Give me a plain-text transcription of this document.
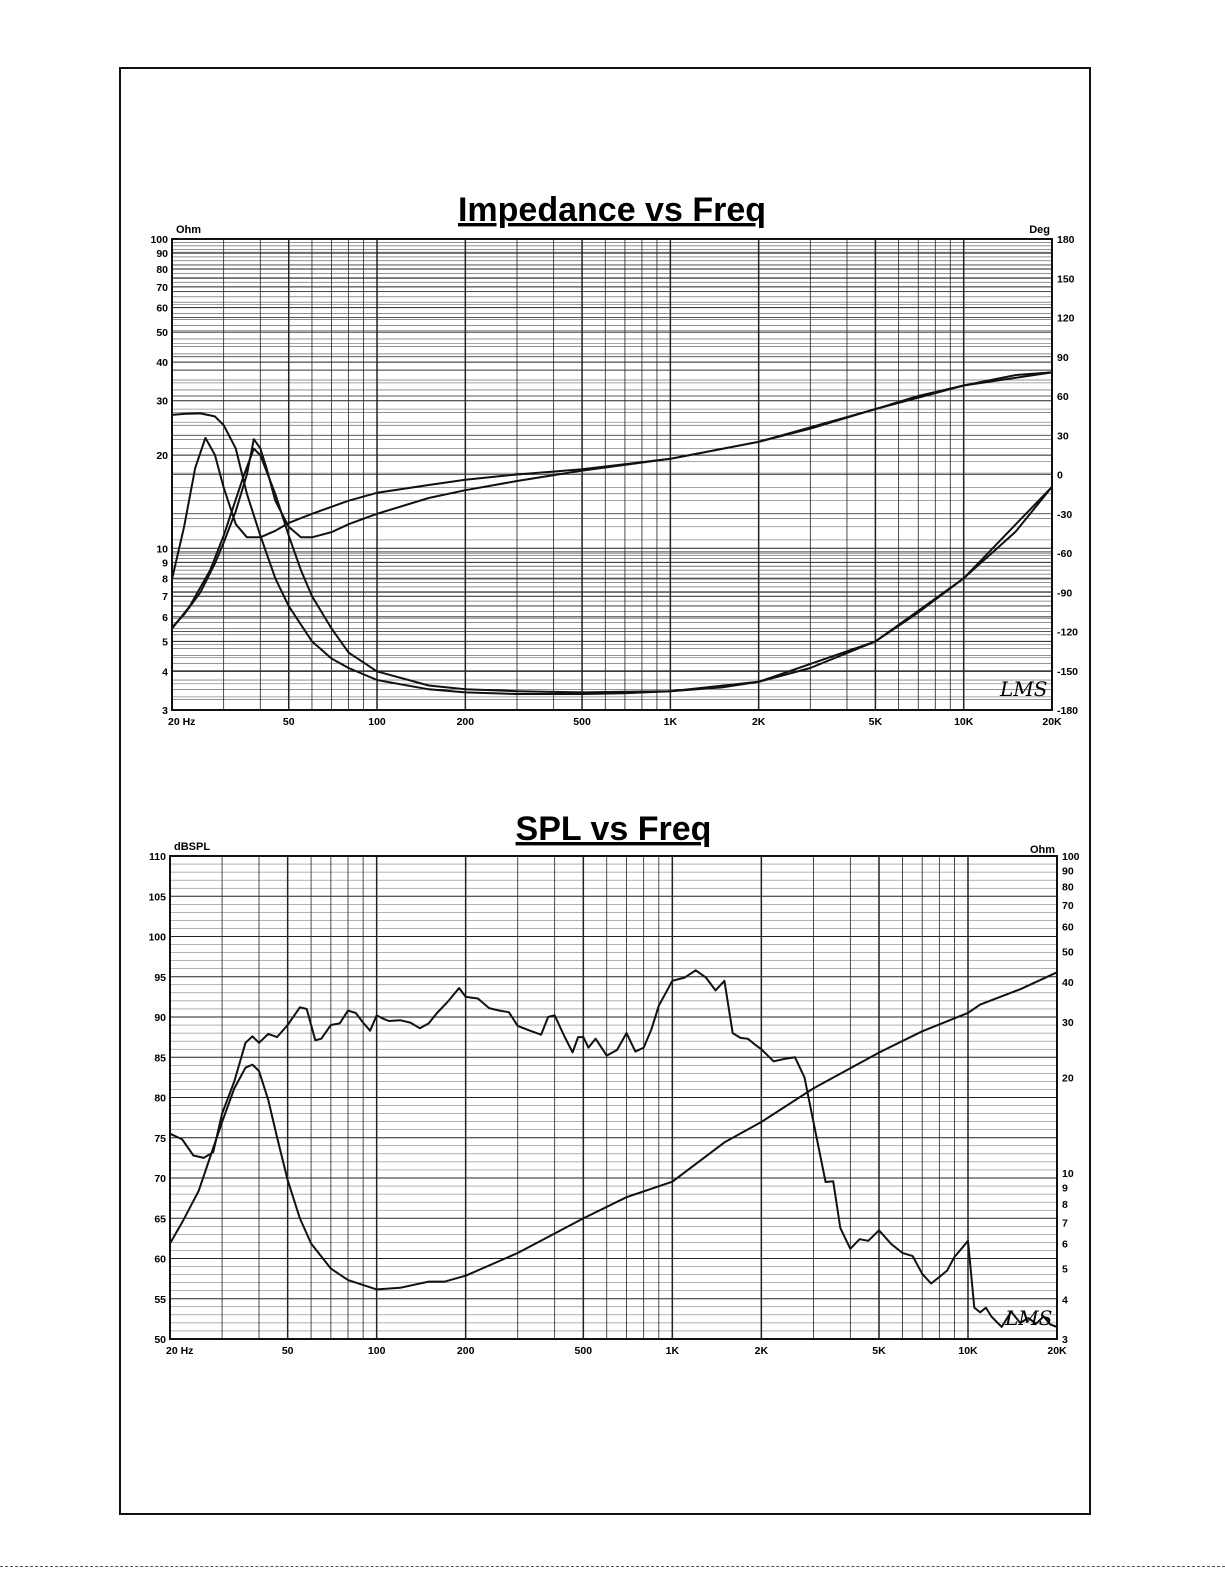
Impedance vs Freq
Ohm	Deg
3
4
5
6
7
8
9
10
20
30
40
50
60
70
80
90
100
-180
-150
-120
-90
-60
-30
0
30
60
90
120
150
180
20 Hz	50	100	200	500	1K	2K	5K	10K	20K
LMS
SPL vs Freq
dBSPL	Ohm
50
55
60
65
70
75
80
85
90
95
100
105
110
3
4
5
6
7
8
9
10
20
30
40
50
60
70
80
90
100
20 Hz	50	100	200	500	1K	2K	5K	10K	20K
LMS
